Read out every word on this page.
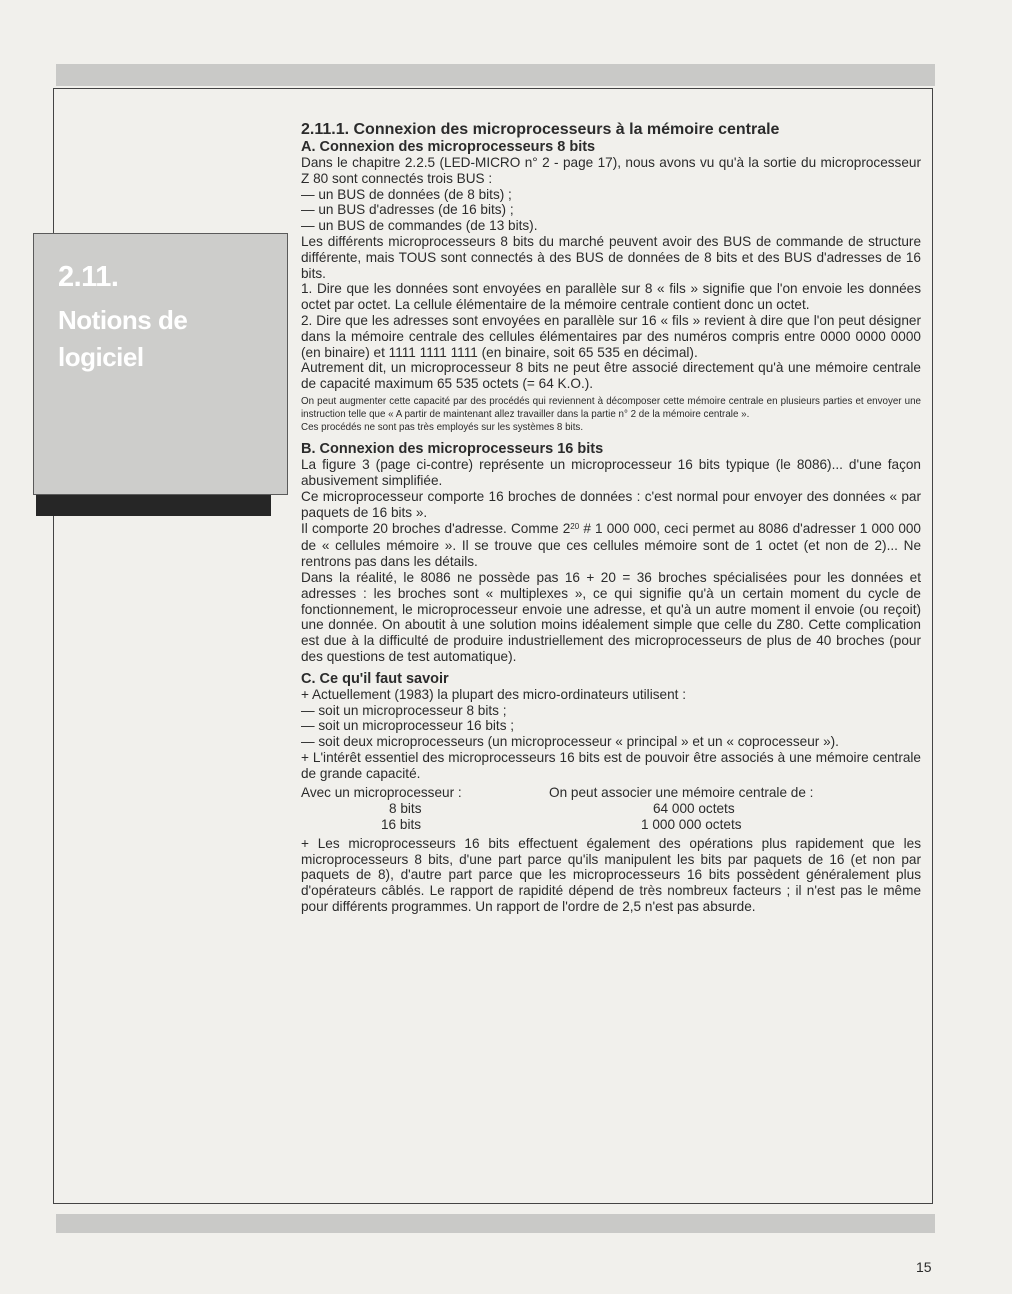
2.11.
Notions de
logiciel

2.11.1. Connexion des microprocesseurs à la mémoire centrale

A. Connexion des microprocesseurs 8 bits

Dans le chapitre 2.2.5 (LED-MICRO n° 2 - page 17), nous avons vu qu'à la sortie du microprocesseur Z 80 sont connectés trois BUS :

— un BUS de données (de 8 bits) ;

— un BUS d'adresses (de 16 bits) ;

— un BUS de commandes (de 13 bits).

Les différents microprocesseurs 8 bits du marché peuvent avoir des BUS de commande de structure différente, mais TOUS sont connectés à des BUS de données de 8 bits et des BUS d'adresses de 16 bits.

1. Dire que les données sont envoyées en parallèle sur 8 « fils » signifie que l'on envoie les données octet par octet. La cellule élémentaire de la mémoire centrale contient donc un octet.

2. Dire que les adresses sont envoyées en parallèle sur 16 « fils » revient à dire que l'on peut désigner dans la mémoire centrale des cellules élémentaires par des numéros compris entre 0000 0000 0000 (en binaire) et 1111 1111 1111 (en binaire, soit 65 535 en décimal).

Autrement dit, un microprocesseur 8 bits ne peut être associé directement qu'à une mémoire centrale de capacité maximum 65 535 octets (= 64 K.O.).

On peut augmenter cette capacité par des procédés qui reviennent à décomposer cette mémoire centrale en plusieurs parties et envoyer une instruction telle que « A partir de maintenant allez travailler dans la partie n° 2 de la mémoire centrale ».

Ces procédés ne sont pas très employés sur les systèmes 8 bits.

B. Connexion des microprocesseurs 16 bits

La figure 3 (page ci-contre) représente un microprocesseur 16 bits typique (le 8086)... d'une façon abusivement simplifiée.

Ce microprocesseur comporte 16 broches de données : c'est normal pour envoyer des données « par paquets de 16 bits ».

Il comporte 20 broches d'adresse. Comme $2^{20}$ # 1 000 000, ceci permet au 8086 d'adresser 1 000 000 de « cellules mémoire ». Il se trouve que ces cellules mémoire sont de 1 octet (et non de 2)... Ne rentrons pas dans les détails.

Dans la réalité, le 8086 ne possède pas 16 + 20 = 36 broches spécialisées pour les données et adresses : les broches sont « multiplexes », ce qui signifie qu'à un certain moment du cycle de fonctionnement, le microprocesseur envoie une adresse, et qu'à un autre moment il envoie (ou reçoit) une donnée. On aboutit à une solution moins idéalement simple que celle du Z80. Cette complication est due à la difficulté de produire industriellement des microprocesseurs de plus de 40 broches (pour des questions de test automatique).

C. Ce qu'il faut savoir

+ Actuellement (1983) la plupart des micro-ordinateurs utilisent :

— soit un microprocesseur 8 bits ;

— soit un microprocesseur 16 bits ;

— soit deux microprocesseurs (un microprocesseur « principal » et un « coprocesseur »).

+ L'intérêt essentiel des microprocesseurs 16 bits est de pouvoir être associés à une mémoire centrale de grande capacité.

Avec un microprocesseur :	On peut associer une mémoire centrale de :
8 bits	64 000 octets
16 bits	1 000 000 octets

+ Les microprocesseurs 16 bits effectuent également des opérations plus rapidement que les microprocesseurs 8 bits, d'une part parce qu'ils manipulent les bits par paquets de 16 (et non par paquets de 8), d'autre part parce que les microprocesseurs 16 bits possèdent généralement plus d'opérateurs câblés. Le rapport de rapidité dépend de très nombreux facteurs ; il n'est pas le même pour différents programmes. Un rapport de l'ordre de 2,5 n'est pas absurde.

15
